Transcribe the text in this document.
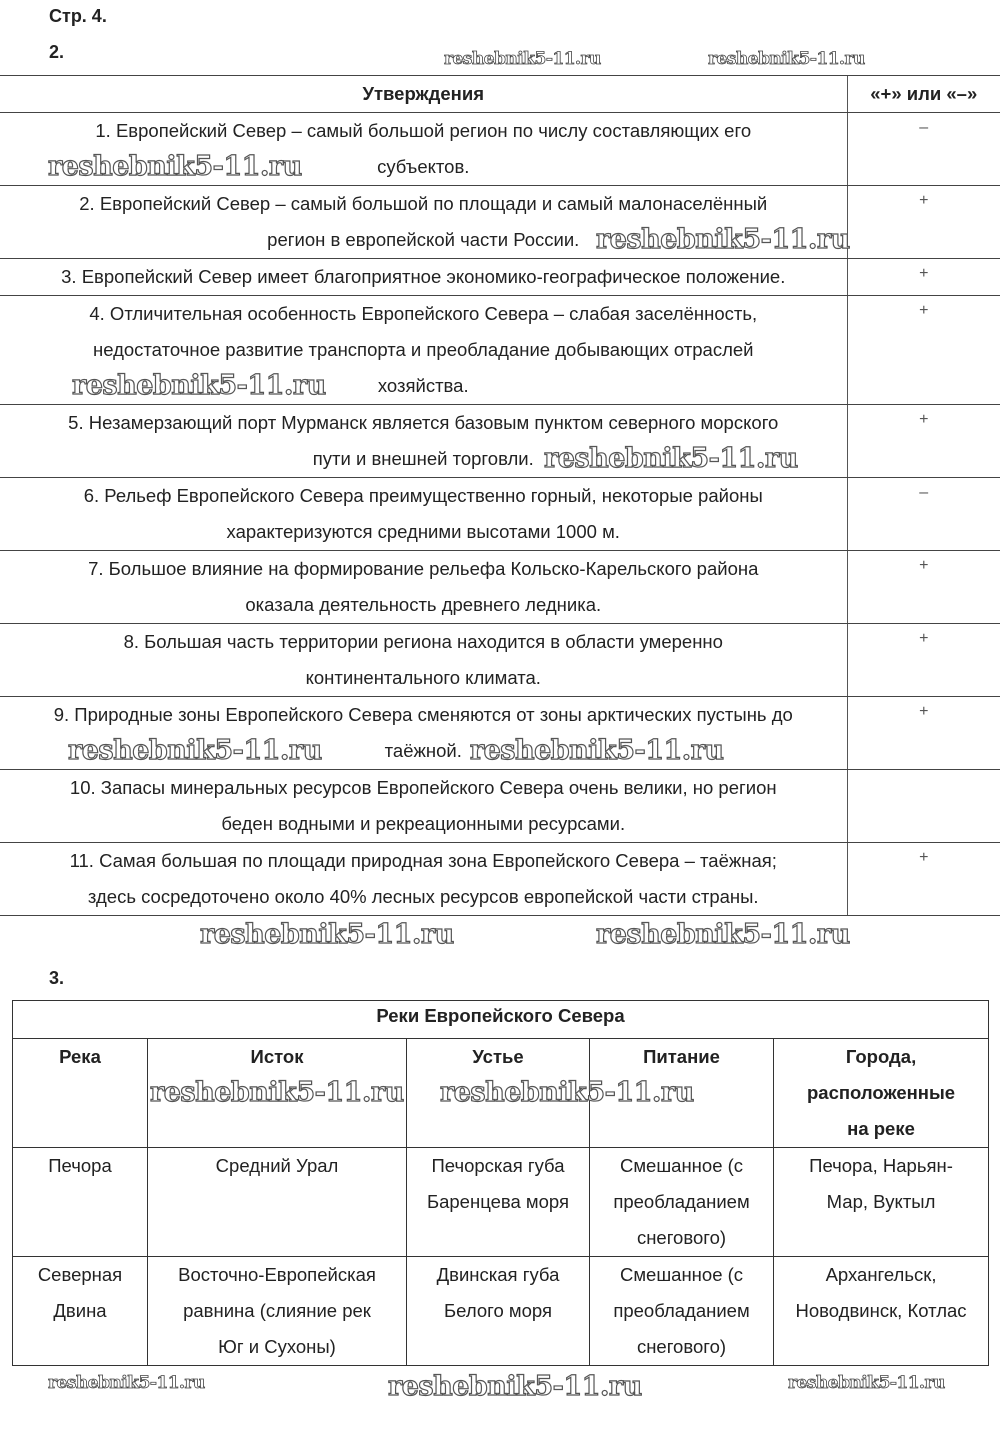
Стр. 4.
2.
Утверждения	«+» или «–»

1. Европейский Север – самый большой регион по числу составляющих его
субъектов.	–

2. Европейский Север – самый большой по площади и самый малонаселённый
регион в европейской части России.	+

3. Европейский Север имеет благоприятное экономико-географическое положение.	+

4. Отличительная особенность Европейского Севера – слабая заселённость,
недостаточное развитие транспорта и преобладание добывающих отраслей
хозяйства.	+

5. Незамерзающий порт Мурманск является базовым пунктом северного морского
пути и внешней торговли.	+

6. Рельеф Европейского Севера преимущественно горный, некоторые районы
характеризуются средними высотами 1000 м.	–

7. Большое влияние на формирование рельефа Кольско-Карельского района
оказала деятельность древнего ледника.	+

8. Большая часть территории региона находится в области умеренно
континентального климата.	+

9. Природные зоны Европейского Севера сменяются от зоны арктических пустынь до
таёжной.	+

10. Запасы минеральных ресурсов Европейского Севера очень велики, но регион
беден водными и рекреационными ресурсами.	

11. Самая большая по площади природная зона Европейского Севера – таёжная;
здесь сосредоточено около 40% лесных ресурсов европейской части страны.	+
3.
Реки Европейского Севера				

Река	Исток	Устье	Питание	Города,
расположенные
на реке

Печора	Средний Урал	Печорская губа
Баренцева моря	Смешанное (с
преобладанием
снегового)	Печора, Нарьян-
Мар, Вуктыл

Северная
Двина	Восточно-Европейская
равнина (слияние рек
Юг и Сухоны)	Двинская губа
Белого моря	Смешанное (с
преобладанием
снегового)	Архангельск,
Новодвинск, Котлас
reshebnik5-11.ru	reshebnik5-11.ru
reshebnik5-11.ru
reshebnik5-11.ru
reshebnik5-11.ru
reshebnik5-11.ru
reshebnik5-11.ru	reshebnik5-11.ru
reshebnik5-11.ru	reshebnik5-11.ru
reshebnik5-11.ru reshebnik5-11.ru
reshebnik5-11.ru	reshebnik5-11.ru	reshebnik5-11.ru
